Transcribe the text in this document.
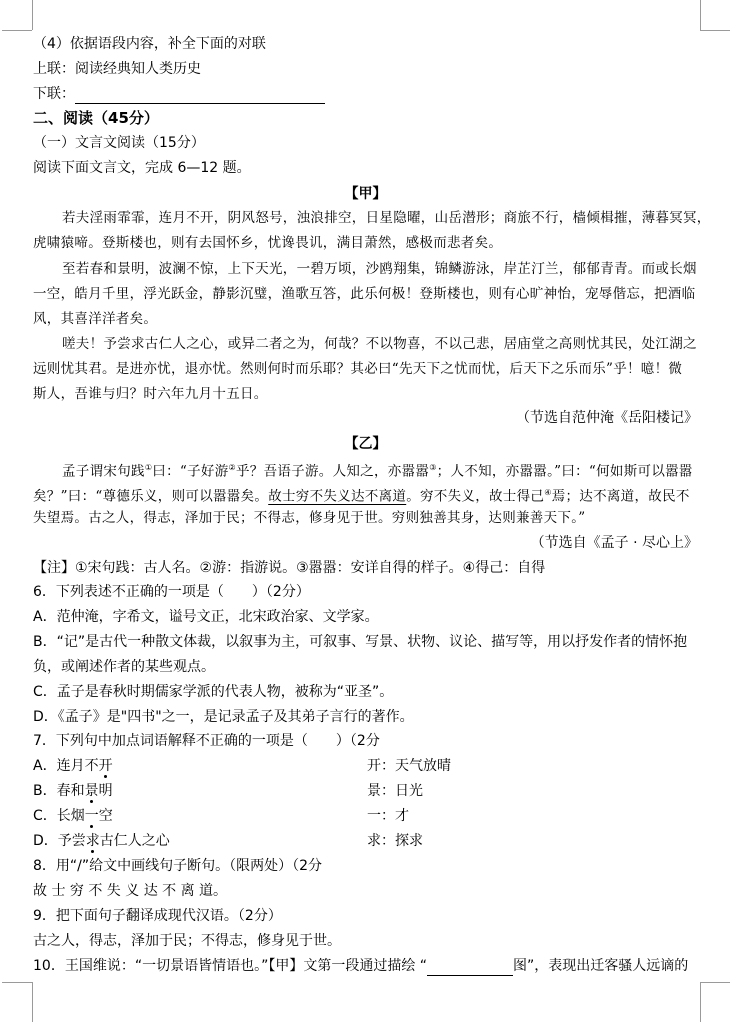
（4）依据语段内容，补全下面的对联
上联：阅读经典知人类历史
下联：
二、阅读（45分）
（一）文言文阅读（15分）
阅读下面文言文，完成 6—12 题。
【甲】
若夫淫雨霏霏，连月不开，阴风怒号，浊浪排空，日星隐曜，山岳潜形；商旅不行，樯倾楫摧，薄暮冥冥，
虎啸猿啼。登斯楼也，则有去国怀乡，忧谗畏讥，满目萧然，感极而悲者矣。
至若春和景明，波澜不惊，上下天光，一碧万顷，沙鸥翔集，锦鳞游泳，岸芷汀兰，郁郁青青。而或长烟
一空，皓月千里，浮光跃金，静影沉璧，渔歌互答，此乐何极！登斯楼也，则有心旷神怡，宠辱偕忘，把酒临
风，其喜洋洋者矣。
嗟夫！予尝求古仁人之心，或异二者之为，何哉？不以物喜，不以己悲，居庙堂之高则忧其民，处江湖之
远则忧其君。是进亦忧，退亦忧。然则何时而乐耶？其必曰“先天下之忧而忧，后天下之乐而乐”乎！噫！微
斯人，吾谁与归？时六年九月十五日。
（节选自范仲淹《岳阳楼记》
【乙】
孟子谓宋句践①曰：“子好游②乎？吾语子游。人知之，亦嚣嚣③；人不知，亦嚣嚣。”曰：“何如斯可以嚣嚣
矣？”曰：“尊德乐义，则可以嚣嚣矣。故士穷不失义达不离道。穷不失义，故士得己④焉；达不离道，故民不
失望焉。古之人，得志，泽加于民；不得志，修身见于世。穷则独善其身，达则兼善天下。”
（节选自《孟子 · 尽心上》
【注】①宋句践：古人名。②游：指游说。③嚣嚣：安详自得的样子。④得己：自得
6．下列表述不正确的一项是（　　）（2分）
A．范仲淹，字希文，谥号文正，北宋政治家、文学家。
B．“记”是古代一种散文体裁，以叙事为主，可叙事、写景、状物、议论、描写等，用以抒发作者的情怀抱
负，或阐述作者的某些观点。
C．孟子是春秋时期儒家学派的代表人物，被称为“亚圣”。
D．《孟子》是"四书"之一，是记录孟子及其弟子言行的著作。
7．下列句中加点词语解释不正确的一项是（　　）（2分
A．连月不开	开：天气放晴
B．春和景明	景：日光
C．长烟一空	一：才
D．予尝求古仁人之心	求：探求
8．用“/”给文中画线句子断句。（限两处）（2分
故 士 穷 不 失 义 达 不 离 道。
9．把下面句子翻译成现代汉语。（2分）
古之人，得志，泽加于民；不得志，修身见于世。
10．王国维说：“一切景语皆情语也。”【甲】文第一段通过描绘 “	图”，表现出迁客骚人远谪的
